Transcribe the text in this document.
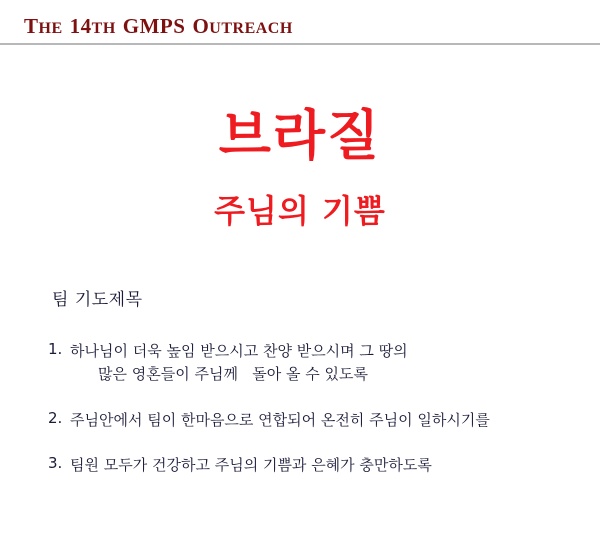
THE 14TH GMPS OUTREACH
브라질
주님의 기쁨
팀 기도제목
1. 하나님이 더욱 높임 받으시고 찬양 받으시며 그 땅의
많은 영혼들이 주님께   돌아 올 수 있도록
2. 주님안에서 팀이 한마음으로 연합되어 온전히 주님이 일하시기를
3. 팀원 모두가 건강하고 주님의 기쁨과 은혜가 충만하도록
